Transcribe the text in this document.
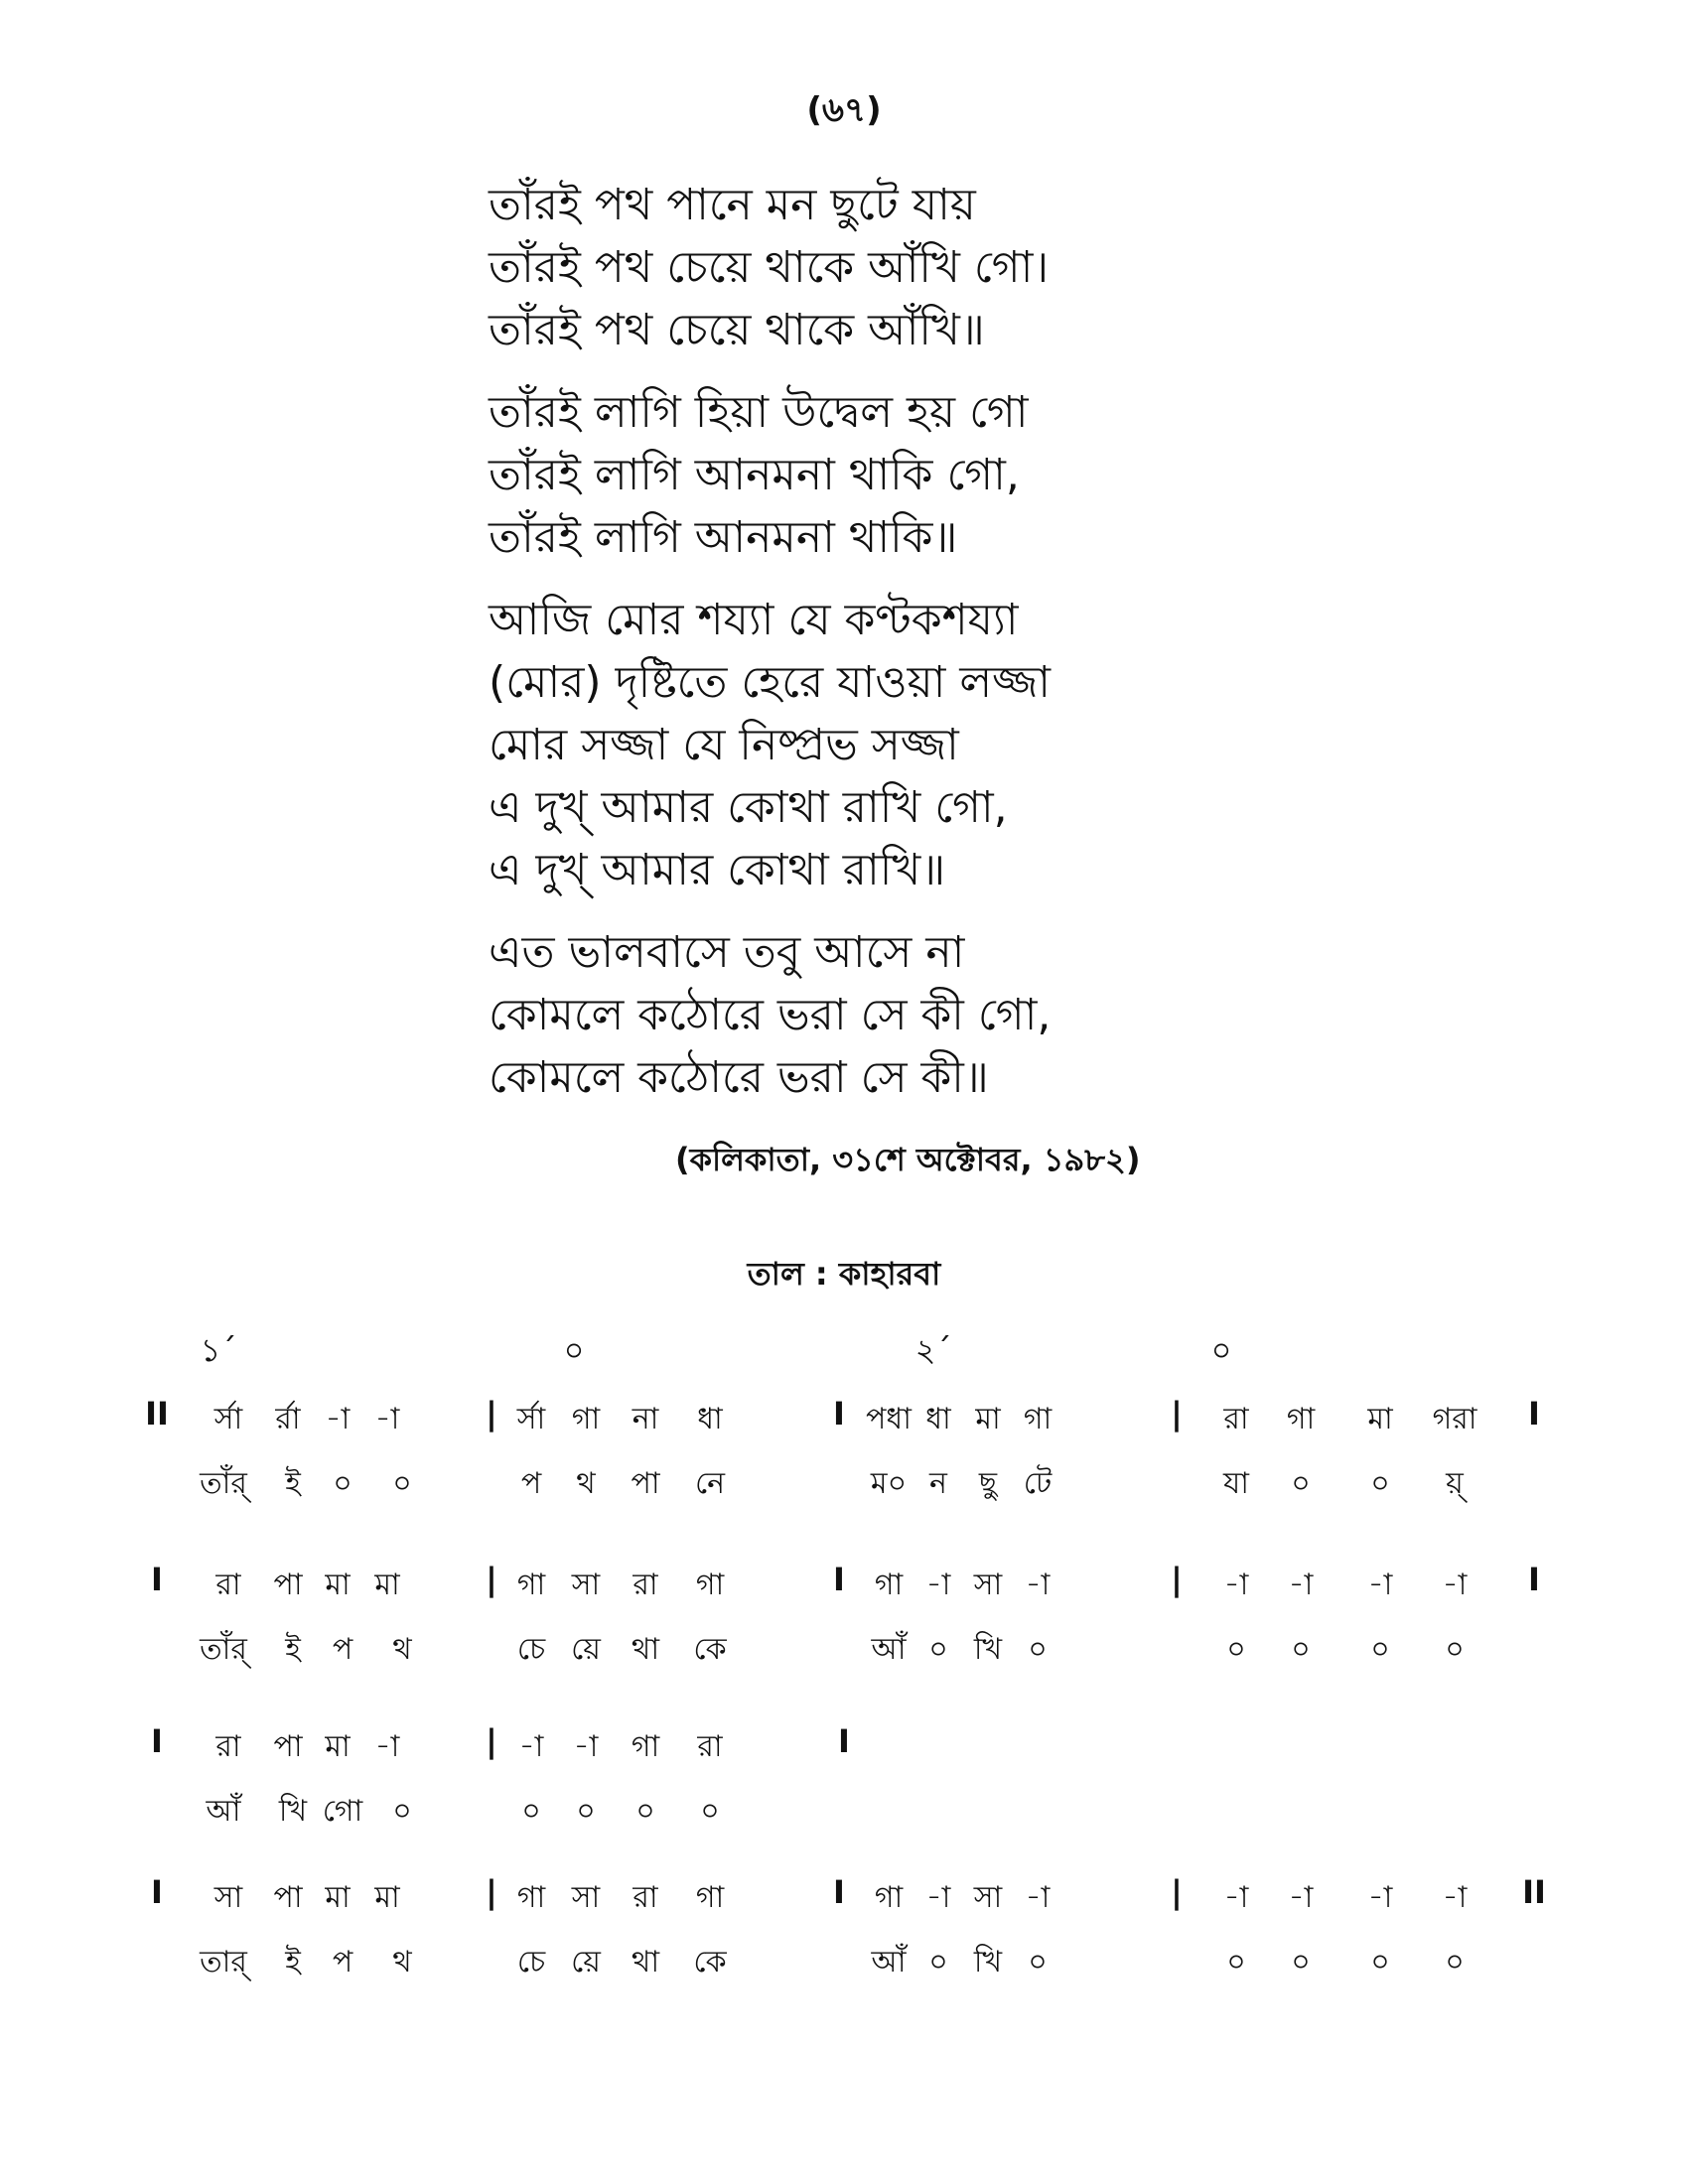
(৬৭)
তাঁরই পথ পানে মন ছুটে যায়
তাঁরই পথ চেয়ে থাকে আঁখি গো।
তাঁরই পথ চেয়ে থাকে আঁখি॥
তাঁরই লাগি হিয়া উদ্বেল হয় গো
তাঁরই লাগি আনমনা থাকি গো,
তাঁরই লাগি আনমনা থাকি॥
আজি মোর শয্যা যে কণ্টকশয্যা
(মোর) দৃষ্টিতে হেরে যাওয়া লজ্জা
মোর সজ্জা যে নিষ্প্রভ সজ্জা
এ দুখ্ আমার কোথা রাখি গো,
এ দুখ্ আমার কোথা রাখি॥
এত ভালবাসে তবু আসে না
কোমলে কঠোরে ভরা সে কী গো,
কোমলে কঠোরে ভরা সে কী॥
(কলিকাতা, ৩১শে অক্টোবর, ১৯৮২)
তাল : কাহারবা
১´	০	২´	০
II	র্সা	র্রা -া -া	| র্সা গা	না	ধা	I পধা ধা মা গা	|	রা	গা	মা	গরা	I
তাঁর্	ই	০	০	প	থ	পা	নে	ম০ ন	ছু টে	যা	০	০	য়্
I	রা	পা মা মা	| গা সা	রা	গা	I গা -া সা -া	|	-া	-া	-া	-া	I
তাঁর্	ই	প	থ	চে য়ে	থা	কে	আঁ ০ খি ০	০	০	০	০
I	রা	পা মা -া	| -া	-া	গা	রা	I
আঁ	খি গো ০	০	০	০	০
I	সা	পা মা মা	| গা সা	রা	গা	I গা -া সা -া	|	-া	-া	-া	-া	II
তার্	ই	প	থ	চে য়ে	থা	কে	আঁ ০ খি ০	০	০	০	০
